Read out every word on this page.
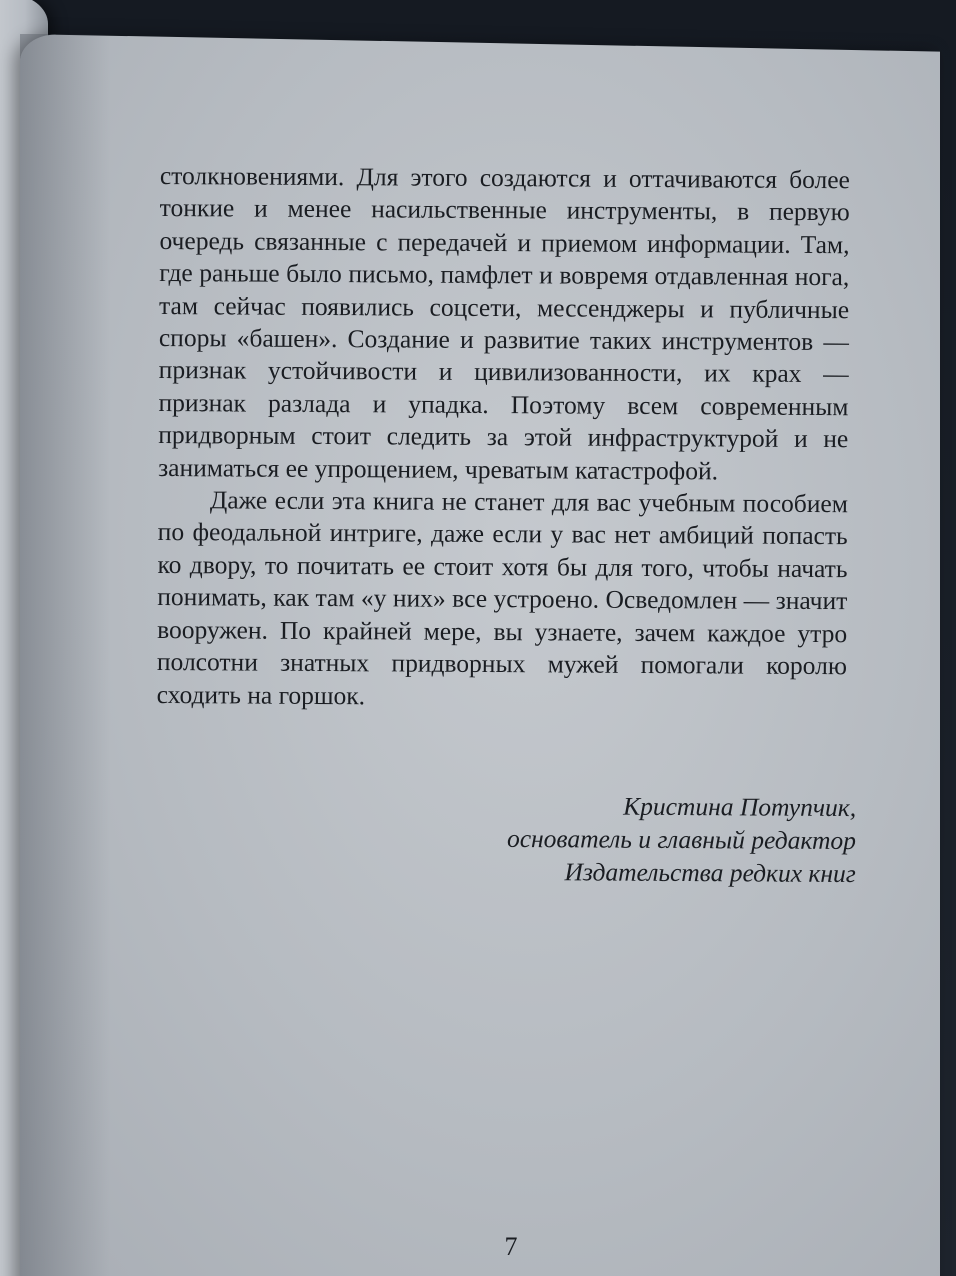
столкновениями. Для этого создаются и оттачиваются более тонкие и менее насильственные инструменты, в первую очередь связанные с передачей и приемом информации. Там, где раньше было письмо, памфлет и вовремя отдавленная нога, там сейчас появились соцсети, мессенджеры и публичные споры «башен». Создание и развитие таких инструментов — признак устойчивости и цивилизованности, их крах — признак разлада и упадка. Поэтому всем современным придворным стоит следить за этой инфраструктурой и не заниматься ее упрощением, чреватым катастрофой.

Даже если эта книга не станет для вас учебным пособием по феодальной интриге, даже если у вас нет амбиций попасть ко двору, то почитать ее стоит хотя бы для того, чтобы начать понимать, как там «у них» все устроено. Осведомлен — значит вооружен. По крайней мере, вы узнаете, зачем каждое утро полсотни знатных придворных мужей помогали королю сходить на горшок.

Кристина Потупчик,
основатель и главный редактор
Издательства редких книг
7
